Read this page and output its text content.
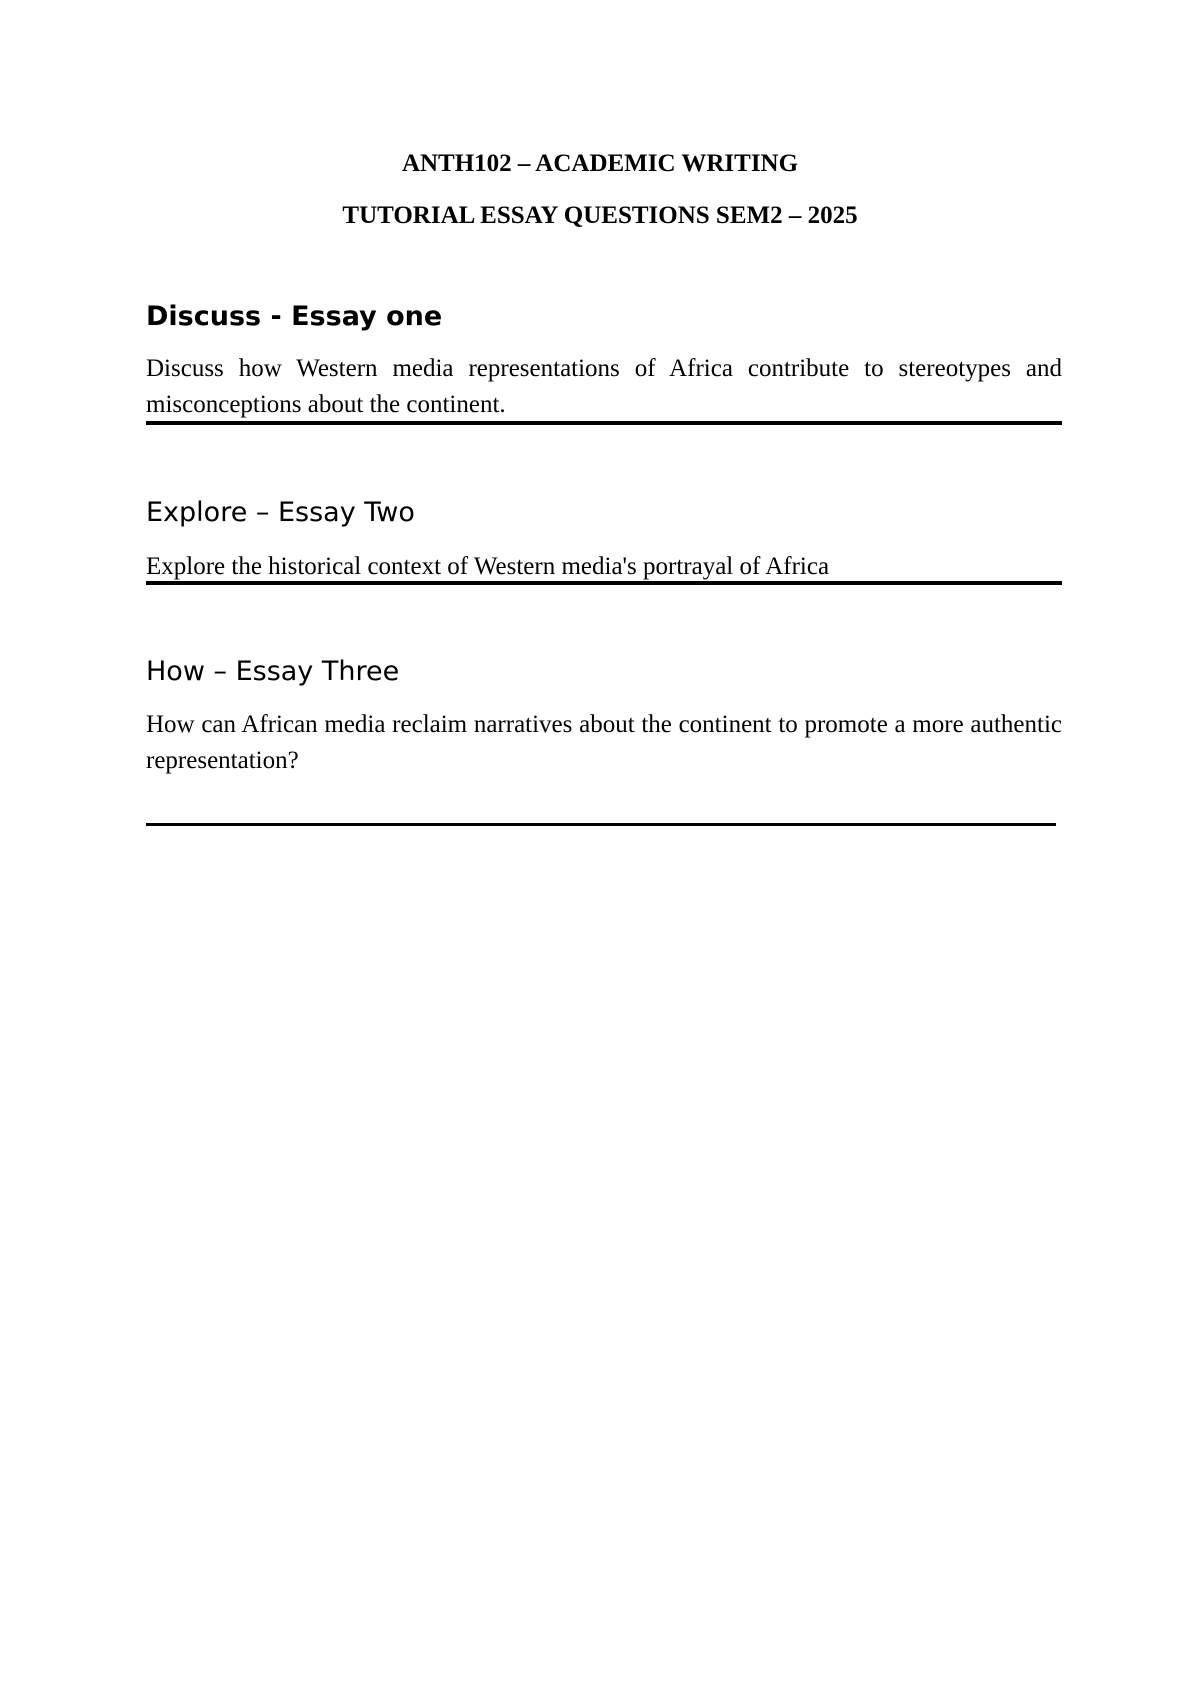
ANTH102 – ACADEMIC WRITING
TUTORIAL ESSAY QUESTIONS SEM2 – 2025
Discuss - Essay one
Discuss how Western media representations of Africa contribute to stereotypes and misconceptions about the continent.
Explore – Essay Two
Explore the historical context of Western media's portrayal of Africa
How – Essay Three
How can African media reclaim narratives about the continent to promote a more authentic representation?
